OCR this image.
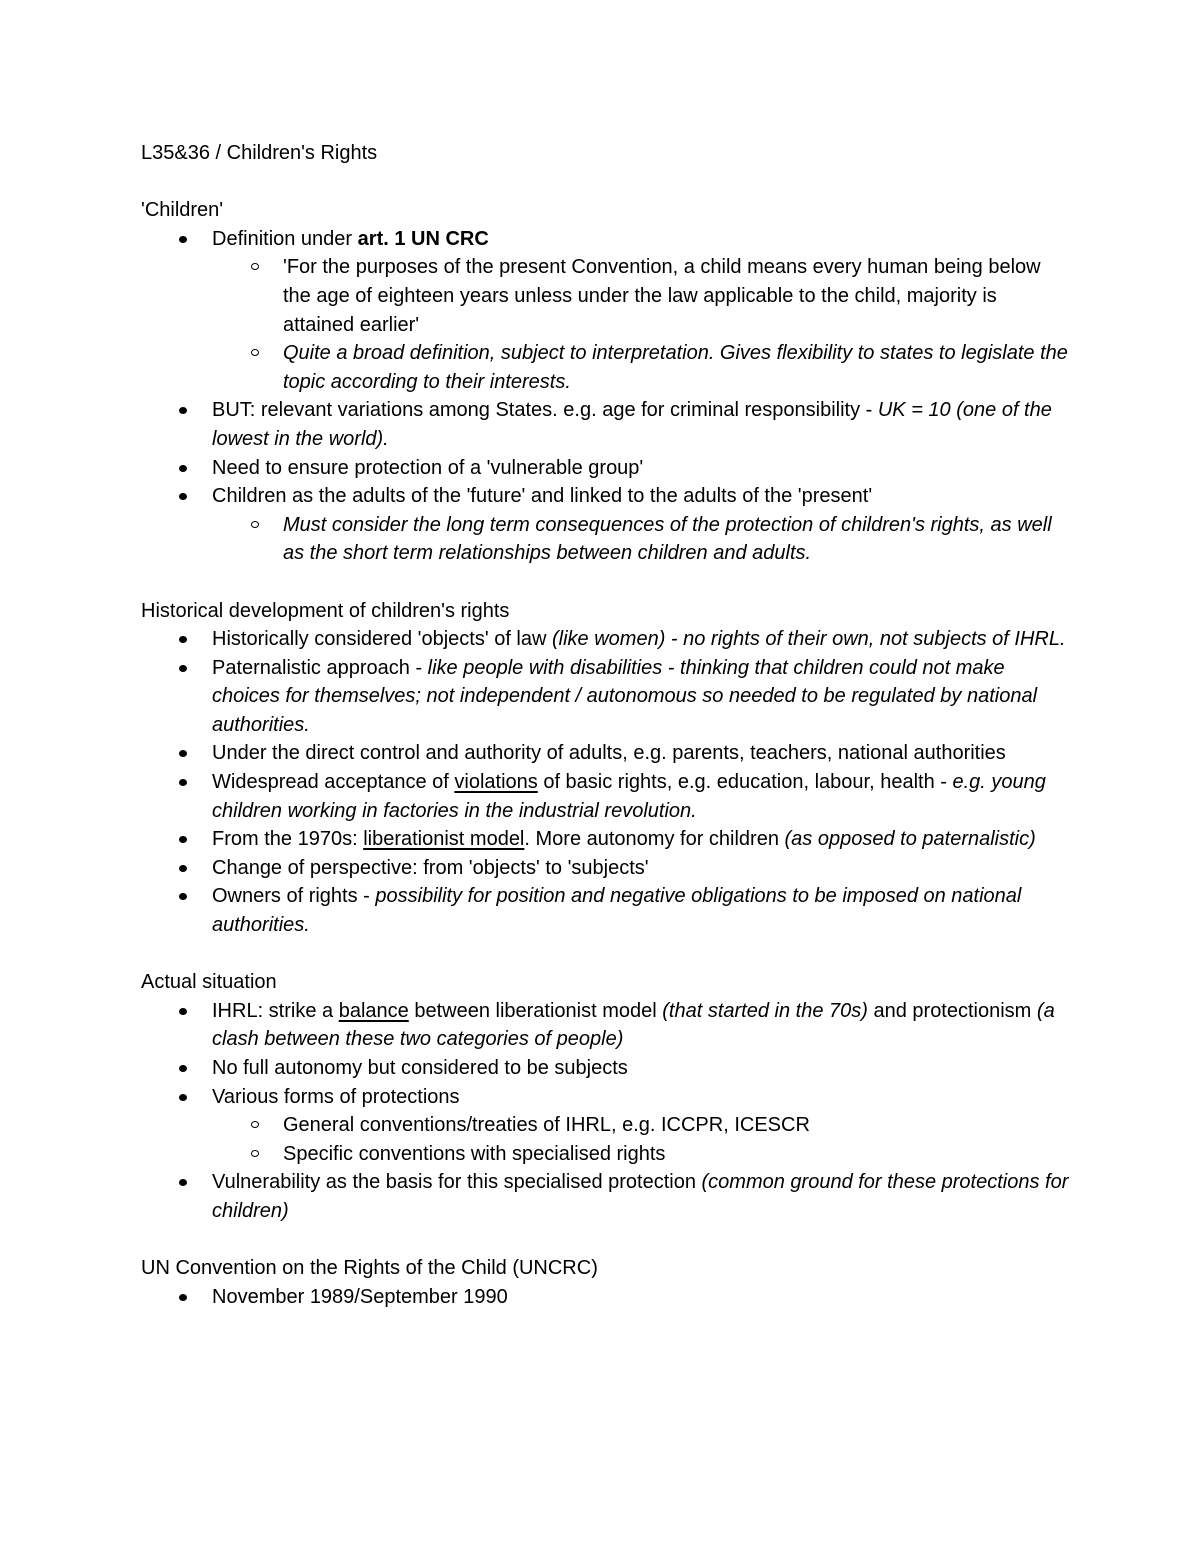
L35&36 / Children's Rights
'Children'
Definition under art. 1 UN CRC
'For the purposes of the present Convention, a child means every human being below the age of eighteen years unless under the law applicable to the child, majority is attained earlier'
Quite a broad definition, subject to interpretation. Gives flexibility to states to legislate the topic according to their interests.
BUT: relevant variations among States. e.g. age for criminal responsibility - UK = 10 (one of the lowest in the world).
Need to ensure protection of a 'vulnerable group'
Children as the adults of the 'future' and linked to the adults of the 'present'
Must consider the long term consequences of the protection of children's rights, as well as the short term relationships between children and adults.
Historical development of children's rights
Historically considered 'objects' of law (like women) - no rights of their own, not subjects of IHRL.
Paternalistic approach - like people with disabilities - thinking that children could not make choices for themselves; not independent / autonomous so needed to be regulated by national authorities.
Under the direct control and authority of adults, e.g. parents, teachers, national authorities
Widespread acceptance of violations of basic rights, e.g. education, labour, health - e.g. young children working in factories in the industrial revolution.
From the 1970s: liberationist model. More autonomy for children (as opposed to paternalistic)
Change of perspective: from 'objects' to 'subjects'
Owners of rights - possibility for position and negative obligations to be imposed on national authorities.
Actual situation
IHRL: strike a balance between liberationist model (that started in the 70s) and protectionism (a clash between these two categories of people)
No full autonomy but considered to be subjects
Various forms of protections
General conventions/treaties of IHRL, e.g. ICCPR, ICESCR
Specific conventions with specialised rights
Vulnerability as the basis for this specialised protection (common ground for these protections for children)
UN Convention on the Rights of the Child (UNCRC)
November 1989/September 1990
